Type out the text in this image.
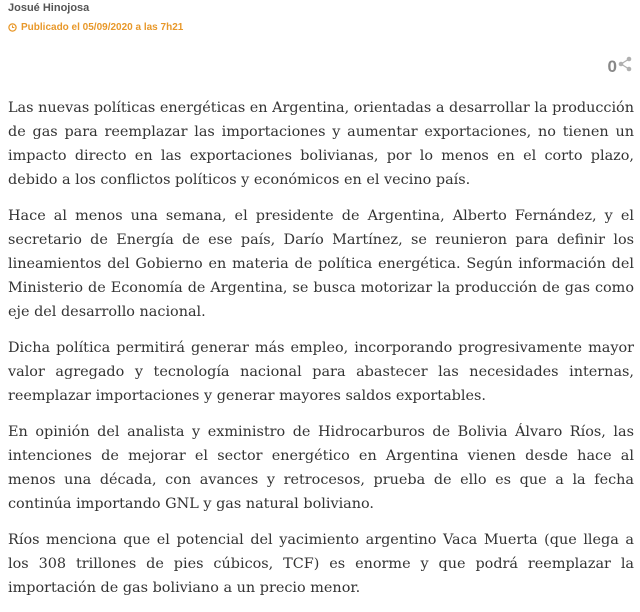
Josué Hinojosa
Publicado el 05/09/2020 a las 7h21
0

Las nuevas políticas energéticas en Argentina, orientadas a desarrollar la producción de gas para reemplazar las importaciones y aumentar exportaciones, no tienen un impacto directo en las exportaciones bolivianas, por lo menos en el corto plazo, debido a los conflictos políticos y económicos en el vecino país.

Hace al menos una semana, el presidente de Argentina, Alberto Fernández, y el secretario de Energía de ese país, Darío Martínez, se reunieron para definir los lineamientos del Gobierno en materia de política energética. Según información del Ministerio de Economía de Argentina, se busca motorizar la producción de gas como eje del desarrollo nacional.

Dicha política permitirá generar más empleo, incorporando progresivamente mayor valor agregado y tecnología nacional para abastecer las necesidades internas, reemplazar importaciones y generar mayores saldos exportables.

En opinión del analista y exministro de Hidrocarburos de Bolivia Álvaro Ríos, las intenciones de mejorar el sector energético en Argentina vienen desde hace al menos una década, con avances y retrocesos, prueba de ello es que a la fecha continúa importando GNL y gas natural boliviano.

Ríos menciona que el potencial del yacimiento argentino Vaca Muerta (que llega a los 308 trillones de pies cúbicos, TCF) es enorme y que podrá reemplazar la importación de gas boliviano a un precio menor.
